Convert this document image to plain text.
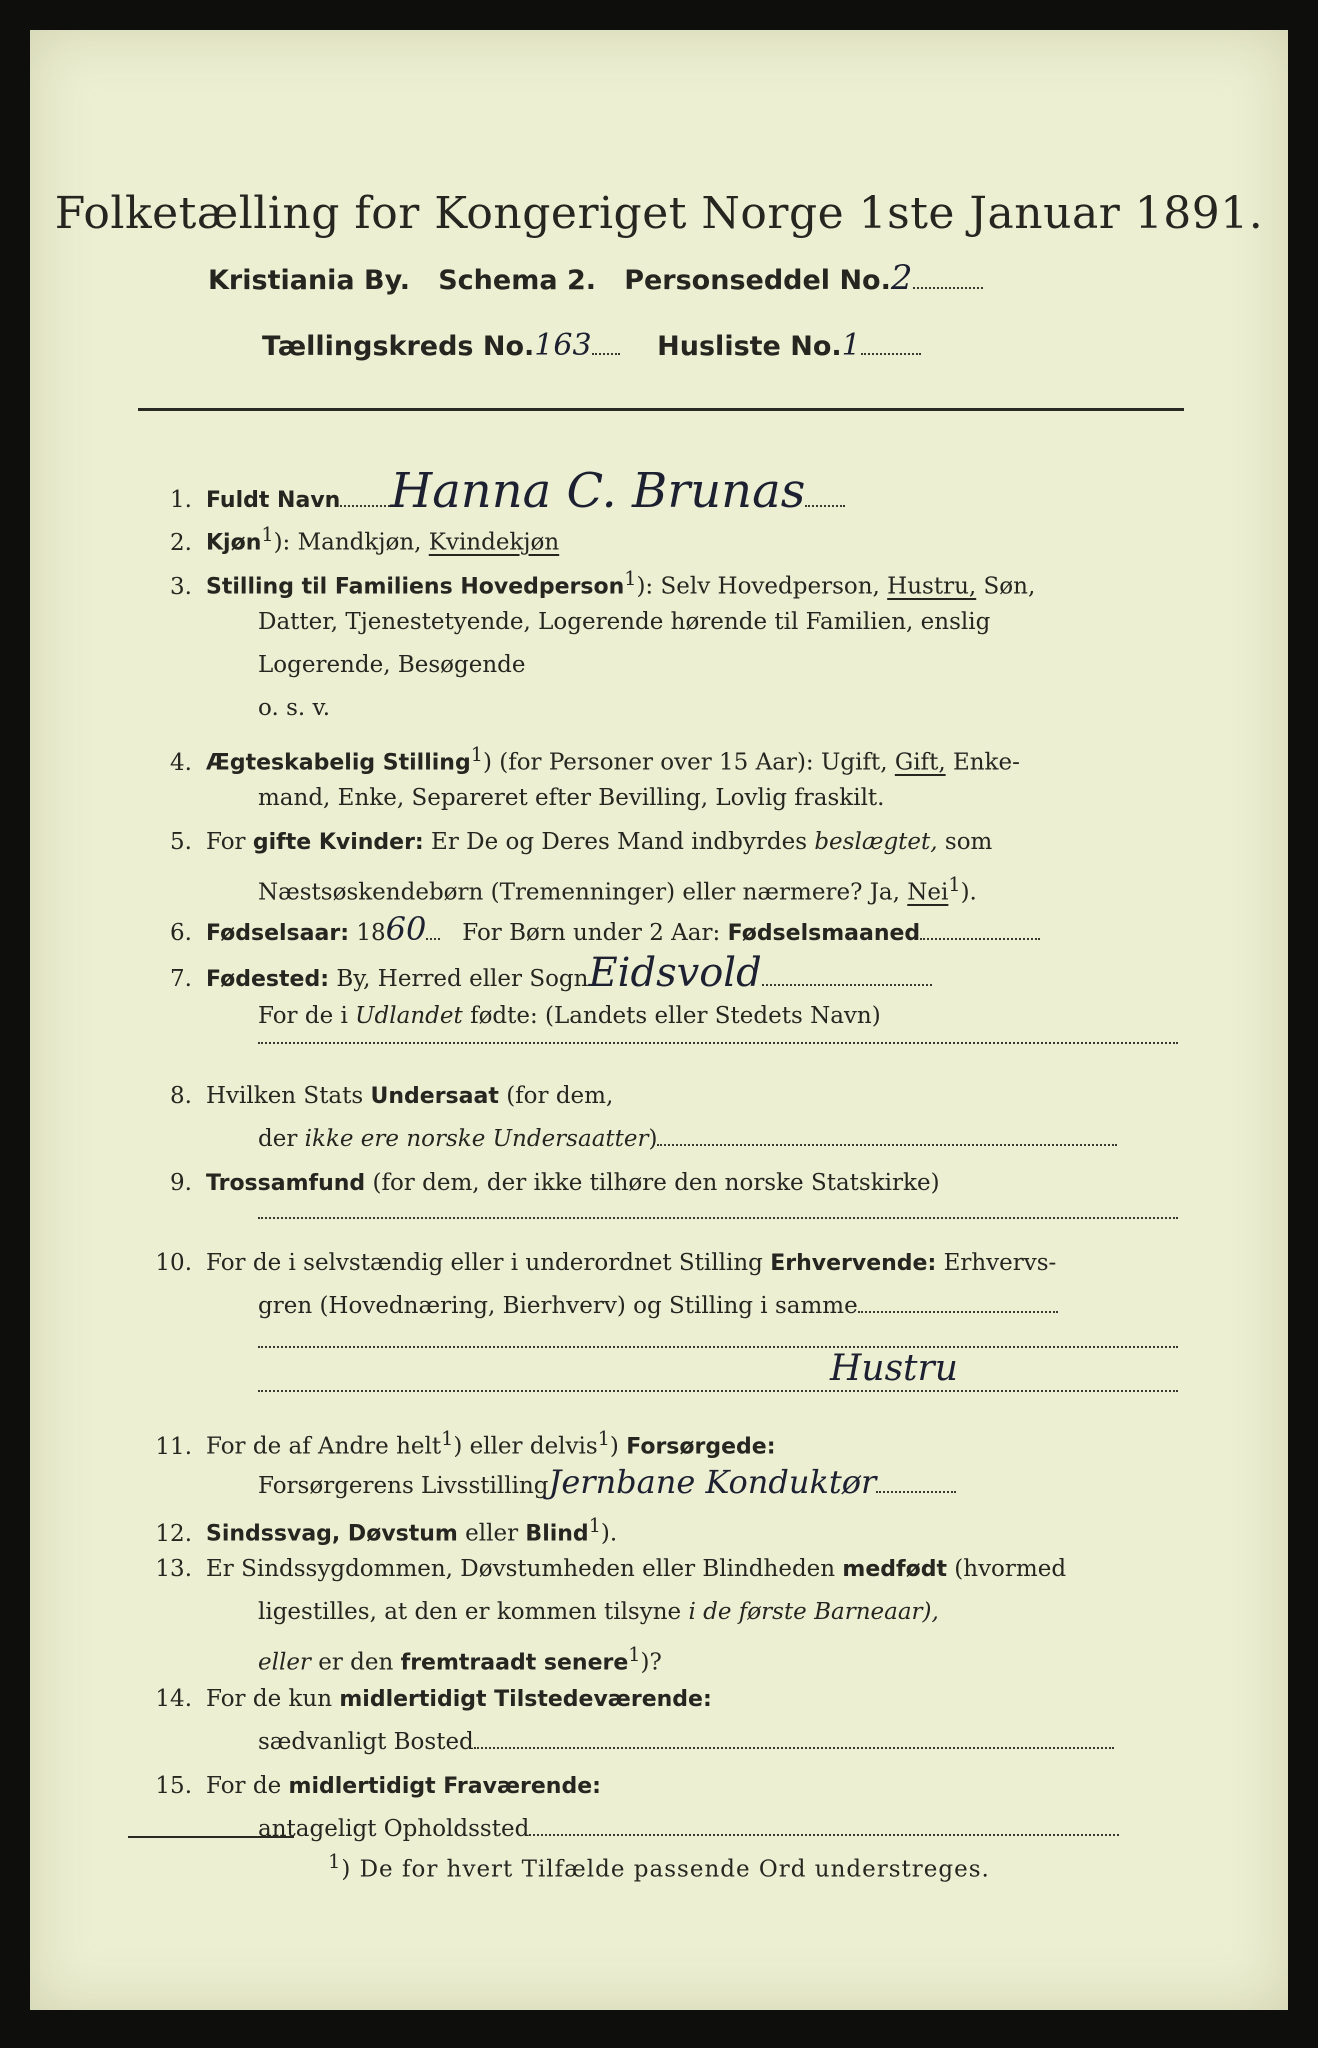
Folketælling for Kongeriget Norge 1ste Januar 1891.
Kristiania By. Schema 2. Personseddel No.2
Tællingskreds No.163 Husliste No.1
1. Fuldt Navn Hanna C. Brunas
2. Kjøn$^1$): Mandkjøn, Kvindekjøn
3. Stilling til Familiens Hovedperson$^1$): Selv Hovedperson, Hustru, Søn,
Datter, Tjenestetyende, Logerende hørende til Familien, enslig
Logerende, Besøgende
o. s. v.
4. Ægteskabelig Stilling$^1$) (for Personer over 15 Aar): Ugift, Gift, Enke-
mand, Enke, Separeret efter Bevilling, Lovlig fraskilt.
5. For gifte Kvinder: Er De og Deres Mand indbyrdes beslægtet, som
Næstsøskendebørn (Tremenninger) eller nærmere? Ja, Nei$^1$).
6. Fødselsaar: 1860 For Børn under 2 Aar: Fødselsmaaned
7. Fødested: By, Herred eller SognEidsvold
For de i Udlandet fødte: (Landets eller Stedets Navn)
8. Hvilken Stats Undersaat (for dem,
der ikke ere norske Undersaatter)
9. Trossamfund (for dem, der ikke tilhøre den norske Statskirke)
10. For de i selvstændig eller i underordnet Stilling Erhvervende: Erhvervs-
gren (Hovednæring, Bierhverv) og Stilling i samme
Hustru
11. For de af Andre helt$^1$) eller delvis$^1$) Forsørgede:
Forsørgerens LivsstillingJernbane Konduktør
12. Sindssvag, Døvstum eller Blind$^1$).
13. Er Sindssygdommen, Døvstumheden eller Blindheden medfødt (hvormed
ligestilles, at den er kommen tilsyne i de første Barneaar),
eller er den fremtraadt senere$^1$)?
14. For de kun midlertidigt Tilstedeværende:
sædvanligt Bosted
15. For de midlertidigt Fraværende:
antageligt Opholdssted
$^1$) De for hvert Tilfælde passende Ord understreges.
